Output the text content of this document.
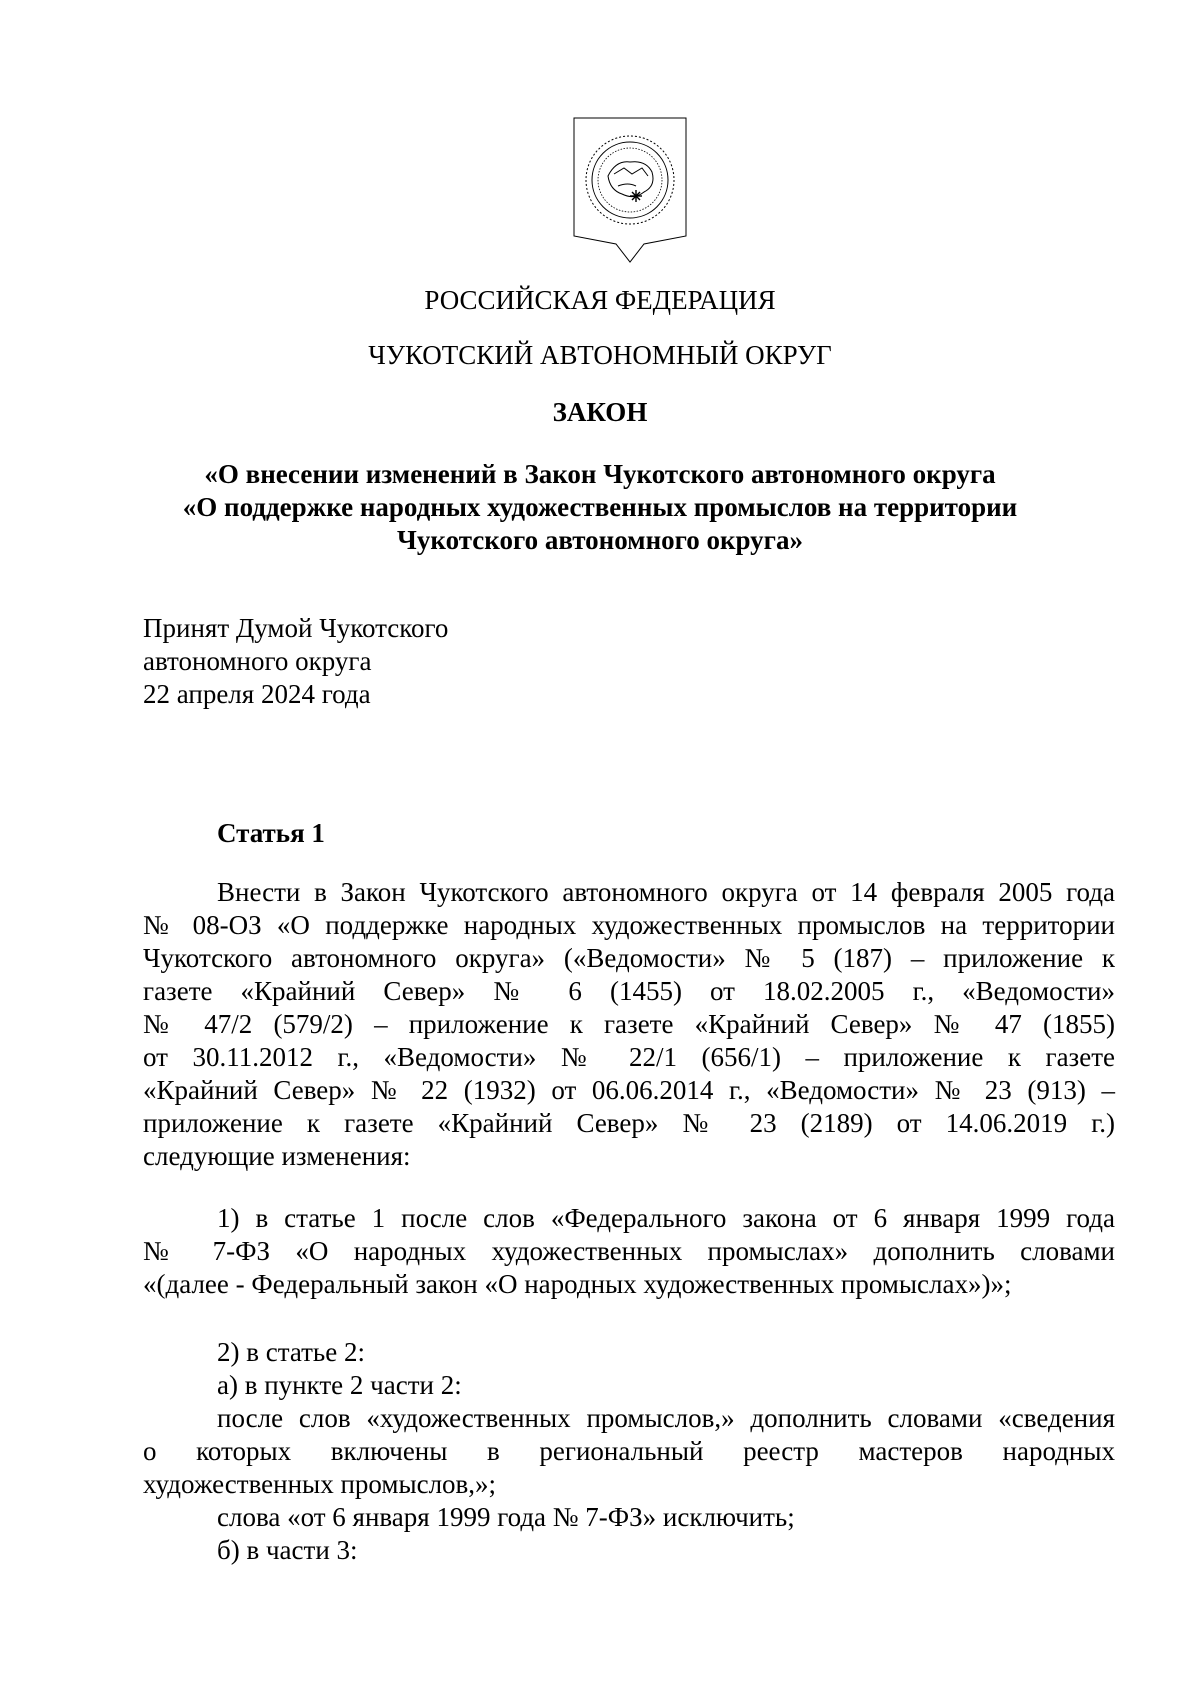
РОССИЙСКАЯ ФЕДЕРАЦИЯ
ЧУКОТСКИЙ АВТОНОМНЫЙ ОКРУГ
ЗАКОН
«О внесении изменений в Закон Чукотского автономного округа
«О поддержке народных художественных промыслов на территории
Чукотского автономного округа»
Принят Думой Чукотского
автономного округа
22 апреля 2024 года
Статья 1
Внести в Закон Чукотского автономного округа от 14 февраля 2005 года
№ 08-ОЗ «О поддержке народных художественных промыслов на территории
Чукотского автономного округа» («Ведомости» № 5 (187) – приложение к
газете «Крайний Север» № 6 (1455) от 18.02.2005 г., «Ведомости»
№ 47/2 (579/2) – приложение к газете «Крайний Север» № 47 (1855)
от 30.11.2012 г., «Ведомости» № 22/1 (656/1) – приложение к газете
«Крайний Север» № 22 (1932) от 06.06.2014 г., «Ведомости» № 23 (913) –
приложение к газете «Крайний Север» № 23 (2189) от 14.06.2019 г.)
следующие изменения:
1) в статье 1 после слов «Федерального закона от 6 января 1999 года
№ 7-ФЗ «О народных художественных промыслах» дополнить словами
«(далее - Федеральный закон «О народных художественных промыслах»)»;
2) в статье 2:
а) в пункте 2 части 2:
после слов «художественных промыслов,» дополнить словами «сведения
о которых включены в региональный реестр мастеров народных
художественных промыслов,»;
слова «от 6 января 1999 года № 7-ФЗ» исключить;
б) в части 3:
